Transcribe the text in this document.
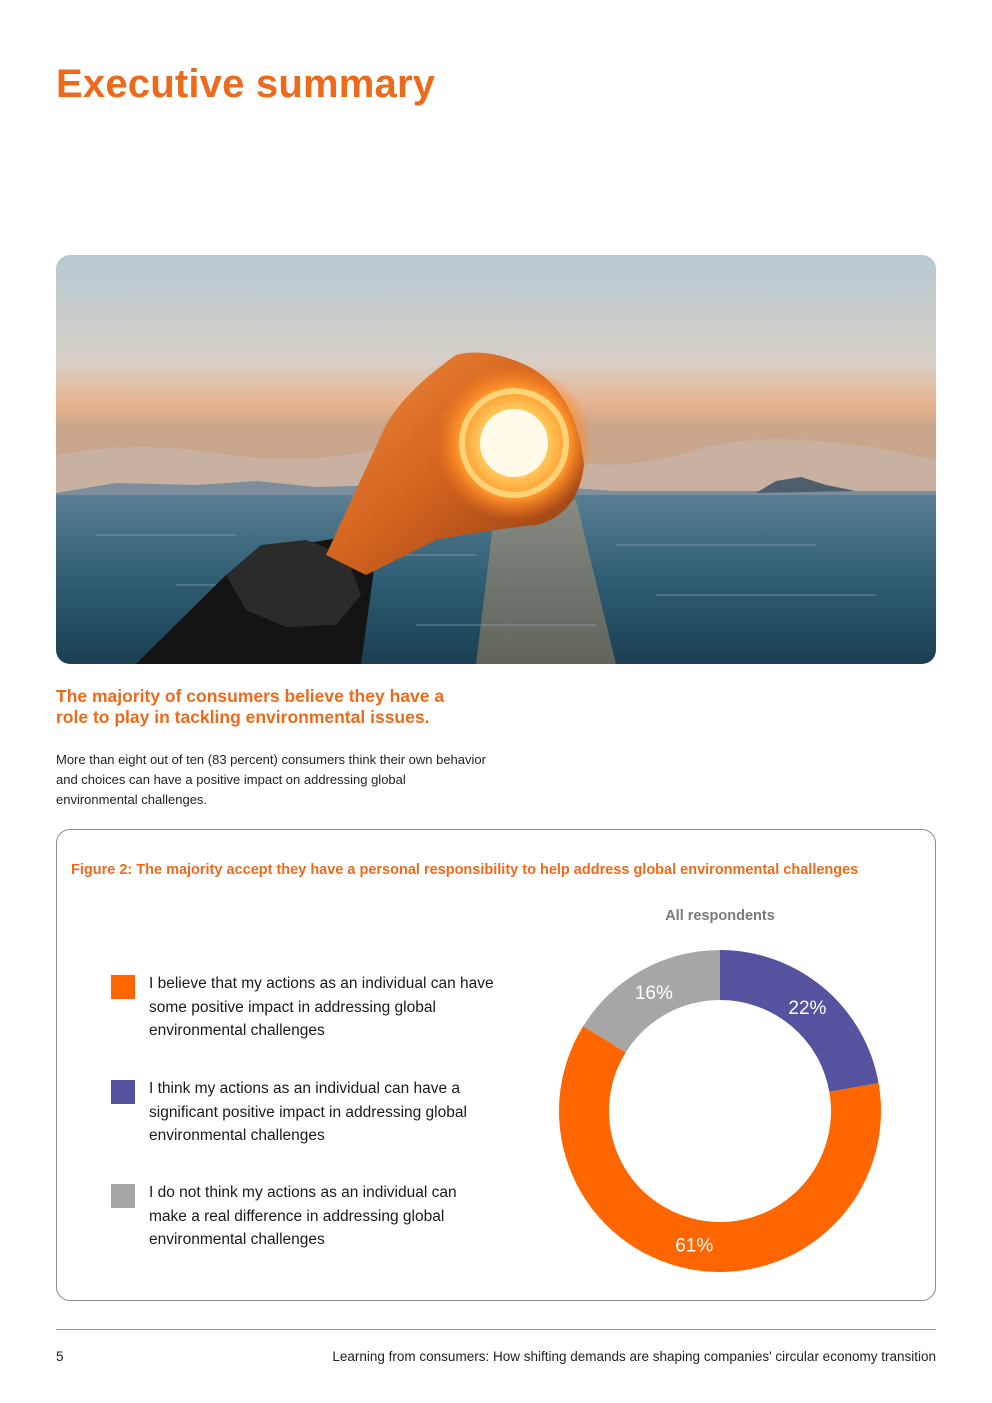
Executive summary
The majority of consumers believe they have a role to play in tackling environmental issues.

More than eight out of ten (83 percent) consumers think their own behavior and choices can have a positive impact on addressing global environmental challenges.

Figure 2: The majority accept they have a personal responsibility to help address global environmental challenges
All respondents
I believe that my actions as an individual can have some positive impact in addressing global environmental challenges
I think my actions as an individual can have a significant positive impact in addressing global environmental challenges
I do not think my actions as an individual can make a real difference in addressing global environmental challenges
16%
61%
22%
5	Learning from consumers: How shifting demands are shaping companies' circular economy transition
